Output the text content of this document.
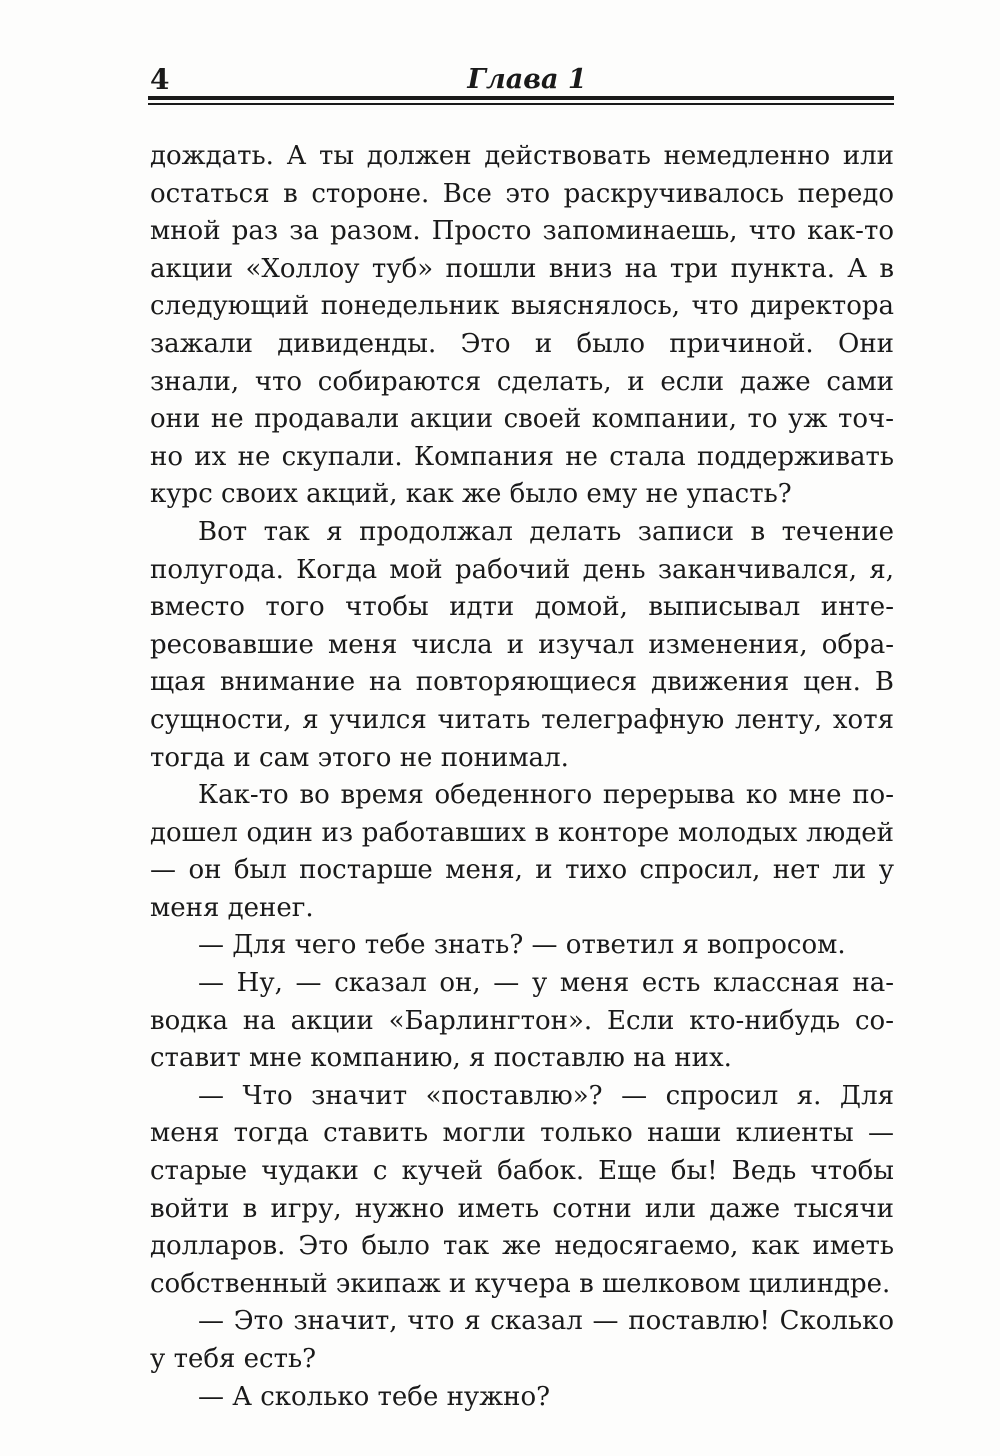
Глава 1
4

дождать. А ты должен действовать немедленно или остаться в стороне. Все это раскручивалось передо мной раз за разом. Просто запоминаешь, что как-то акции «Холлоу туб» пошли вниз на три пункта. А в следующий понедельник выяснялось, что директора зажали дивиденды. Это и было причиной. Они знали, что собираются сделать, и если даже сами они не продавали акции своей компании, то уж точно их не скупали. Компания не стала поддерживать курс своих акций, как же было ему не упасть?

Вот так я продолжал делать записи в течение полугода. Когда мой рабочий день заканчивался, я, вместо того чтобы идти домой, выписывал интересовавшие меня числа и изучал изменения, обращая внимание на повторяющиеся движения цен. В сущности, я учился читать телеграфную ленту, хотя тогда и сам этого не понимал.

Как-то во время обеденного перерыва ко мне подошел один из работавших в конторе молодых людей — он был постарше меня, и тихо спросил, нет ли у меня денег.

— Для чего тебе знать? — ответил я вопросом.

— Ну, — сказал он, — у меня есть классная наводка на акции «Барлингтон». Если кто-нибудь составит мне компанию, я поставлю на них.

— Что значит «поставлю»? — спросил я. Для меня тогда ставить могли только наши клиенты — старые чудаки с кучей бабок. Еще бы! Ведь чтобы войти в игру, нужно иметь сотни или даже тысячи долларов. Это было так же недосягаемо, как иметь собственный экипаж и кучера в шелковом цилиндре.

— Это значит, что я сказал — поставлю! Сколько у тебя есть?

— А сколько тебе нужно?
